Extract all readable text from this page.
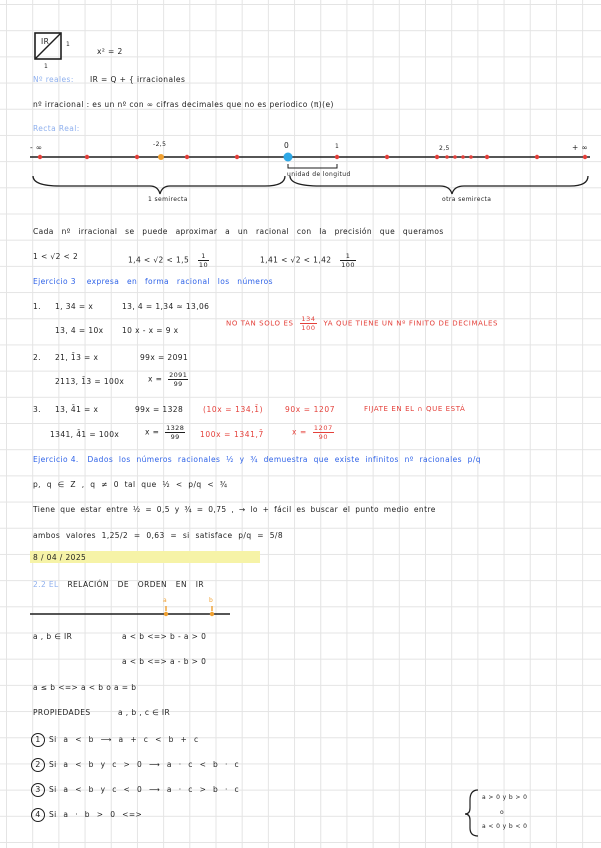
IR
1
1
x² = 2
Nº reales: IR = Q + { irracionales
nº irracional : es un nº con ∞ cifras decimales que no es periodico (π)(e)
Recta Real:
- ∞	-2,5	0	1	2,5	+ ∞
unidad de longitud
1 semirecta	otra semirecta
Cada nº irracional se puede aproximar a un racional con la precisión que queramos
1 < √2 < 2	$1,4 < √2 < 1,5 \frac{1}{10}$	$1,41 < √2 < 1,42 \frac{1}{100}$
Ejercicio 3 expresa en forma racional los números
1. 1, 34 = x	13, 4 = 1,34 ≈ 13,06
13, 4 = 10x 10 x - x = 9 x
NO TAN SOLO ES $\frac{134}{100}$ YA QUE TIENE UN Nº FINITO DE DECIMALES
2. 21, 1̄3 = x	99x = 2091
2113, 1̄3 = 100x	$x = \frac{2091}{99}$
3. 13, 4̄1 = x	99x = 1328	(10x = 134,1̄)	90x = 1207	FIJATE EN EL ∩ QUE ESTÁ
1341, 4̄1 = 100x	$x = \frac{1328}{99} 100x$ = 1341,7̄	$x = \frac{1207}{90}$
Ejercicio 4. Dados los números racionales ½ y ¾ demuestra que existe infinitos nº racionales p/q
p, q ∈ Z , q ≠ 0 tal que ½ < p/q < ¾
Tiene que estar entre ½ = 0,5 y ¾ = 0,75 , → lo + fácil es buscar el punto medio entre
ambos valores 1,25/2 = 0,63 = si satisface p/q = 5/8
8 / 04 / 2025
2.2 EL RELACIÓN DE ORDEN EN IR
a	b
a , b ∈ IR	a < b <=> b - a > 0
a < b <=> a - b > 0
a ≤ b <=> a < b o a = b
PROPIEDADES	a , b , c ∈ IR
1 Si a < b ⟶ a + c < b + c
2 Si a < b y c > 0 ⟶ a · c < b · c
3 Si a < b y c < 0 ⟶ a · c > b · c
4 Si a · b > 0 <=>
a > 0 y b > 0
o
a < 0 y b < 0
